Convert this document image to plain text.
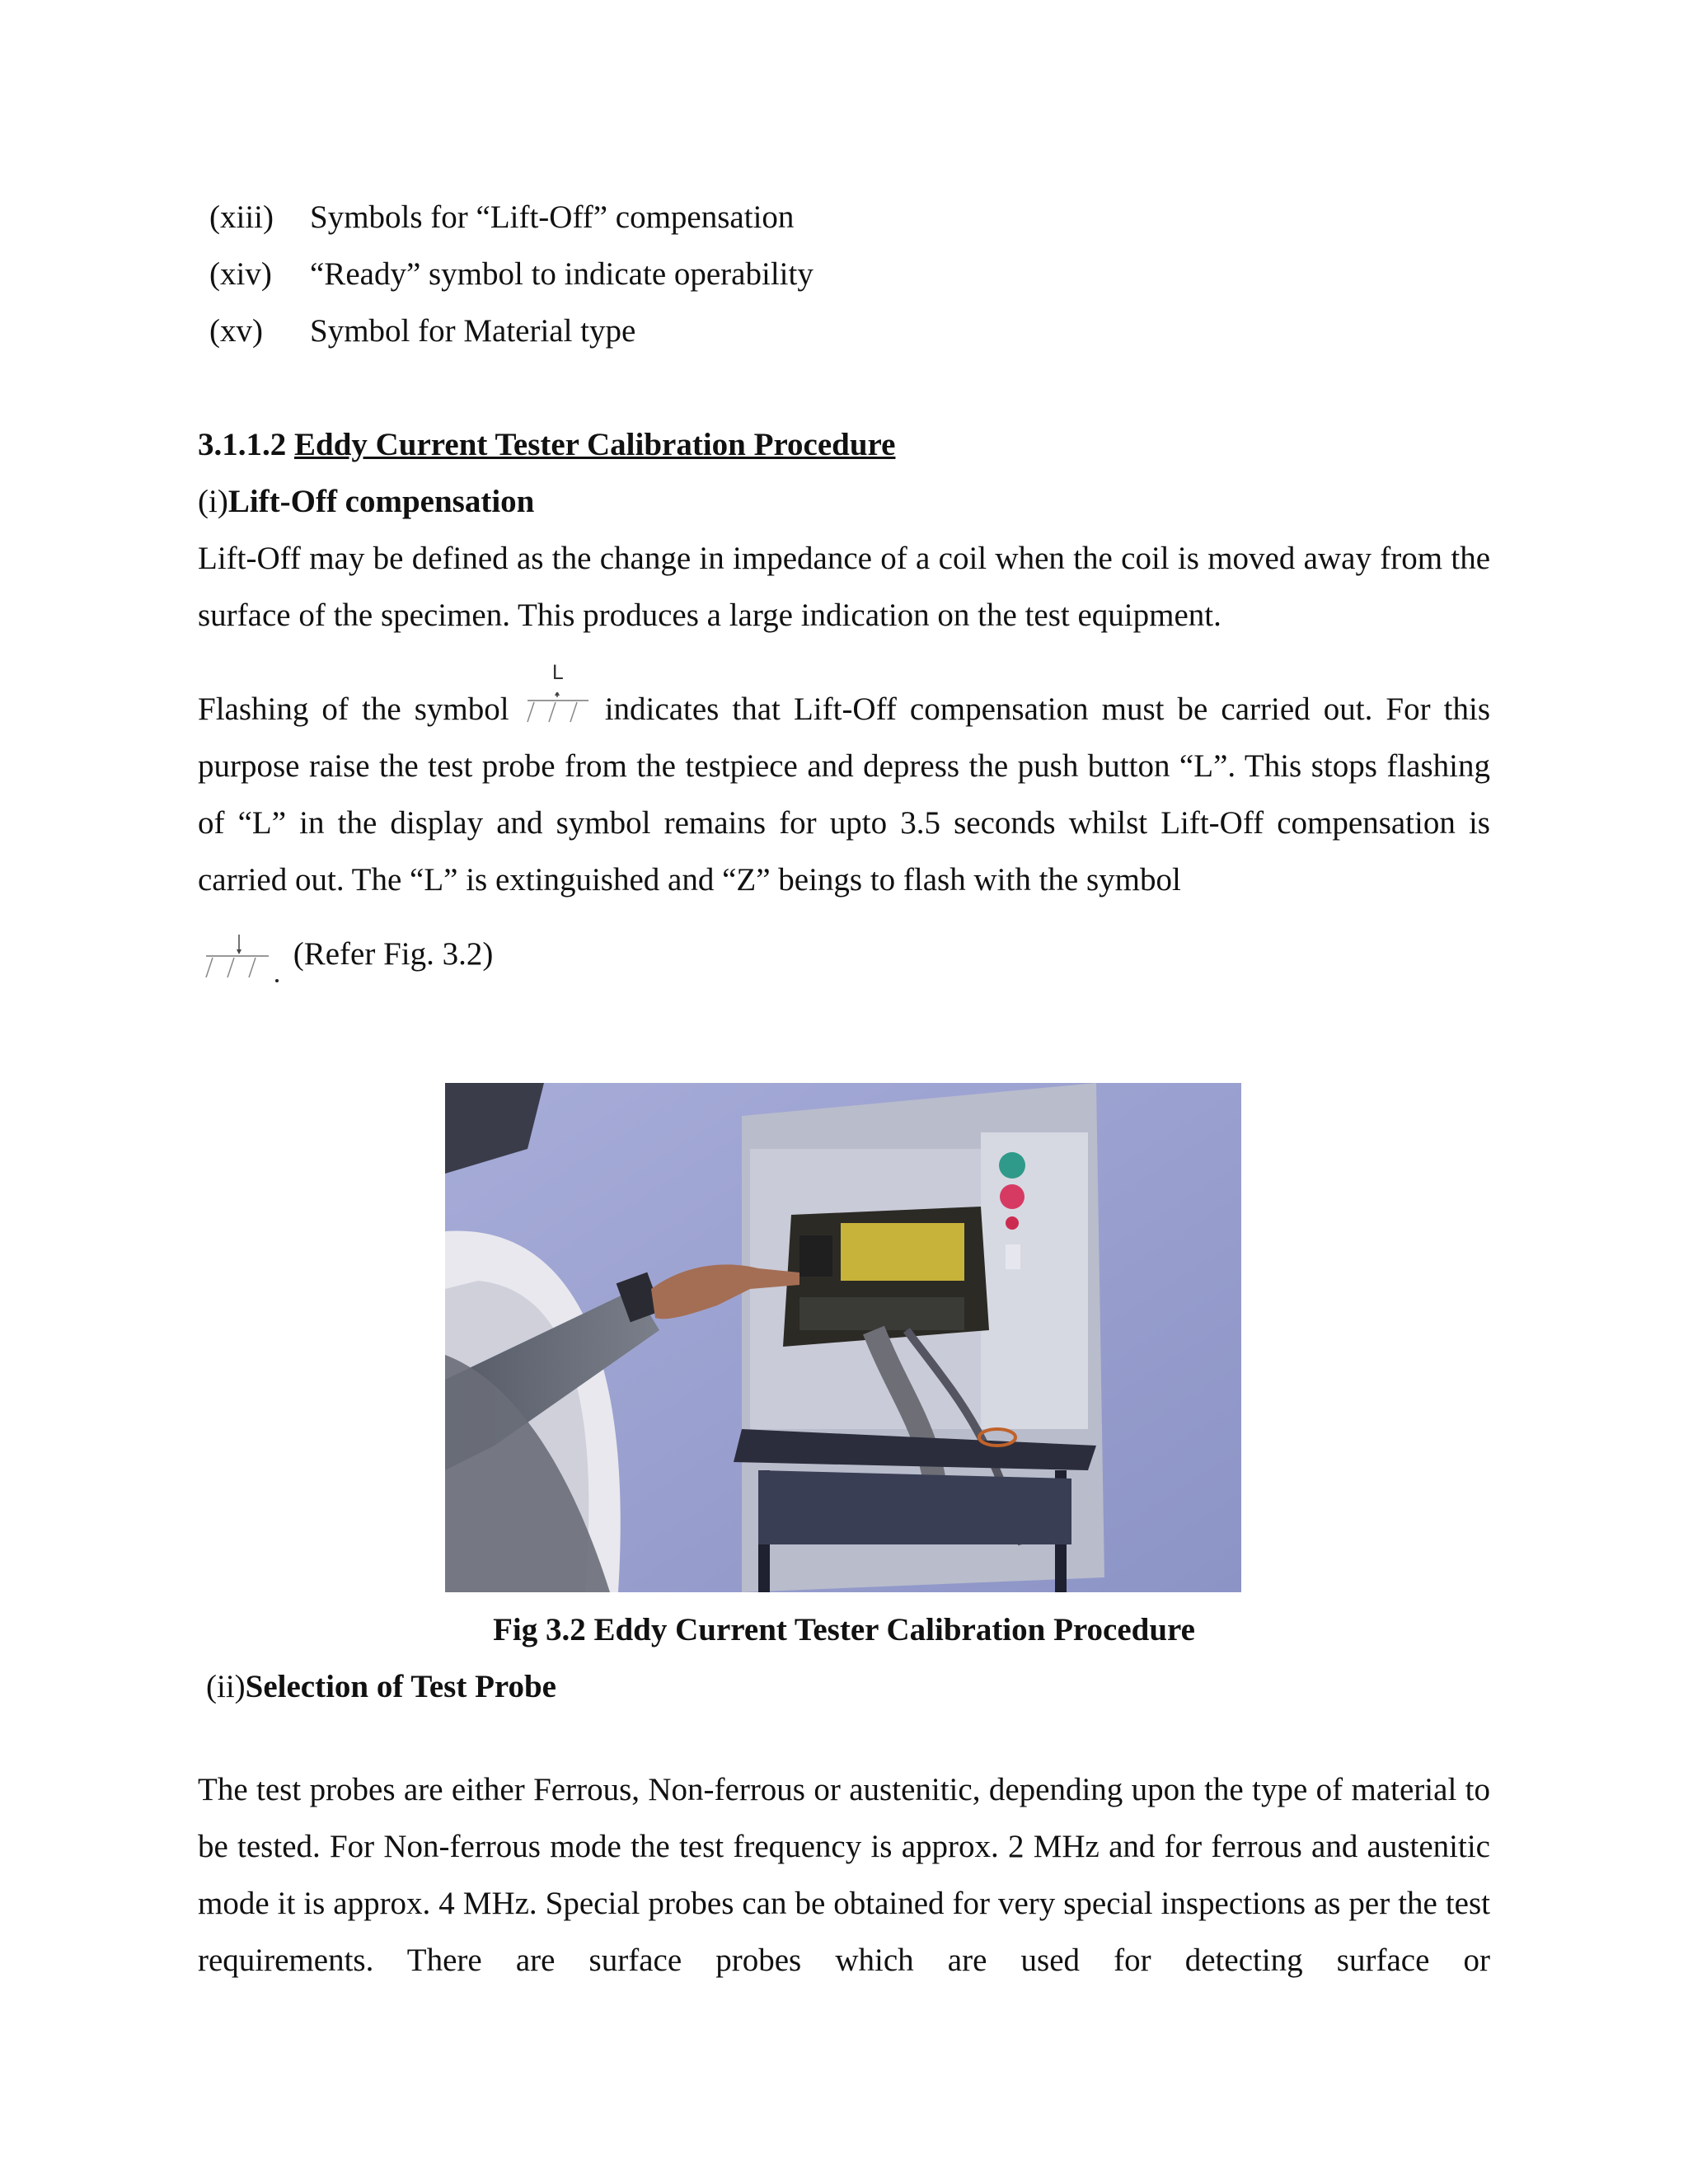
(xiii) Symbols for “Lift-Off” compensation
(xiv) “Ready” symbol to indicate operability
(xv) Symbol for Material type
3.1.1.2 Eddy Current Tester Calibration Procedure
(i)Lift-Off compensation
Lift-Off may be defined as the change in impedance of a coil when the coil is moved away from the surface of the specimen. This produces a large indication on the test equipment.
Flashing of the symbol
L
indicates that Lift-Off compensation must be carried out. For this purpose raise the test probe from the testpiece and depress the push button “L”. This stops flashing of “L” in the display and symbol remains for upto 3.5 seconds whilst Lift-Off compensation is carried out. The “L” is extinguished and “Z” beings to flash with the symbol
(Refer Fig. 3.2)
Fig 3.2 Eddy Current Tester Calibration Procedure
(ii)Selection of Test Probe
The test probes are either Ferrous, Non-ferrous or austenitic, depending upon the type of material to be tested. For Non-ferrous mode the test frequency is approx. 2 MHz and for ferrous and austenitic mode it is approx. 4 MHz. Special probes can be obtained for very special inspections as per the test requirements. There are surface probes which are used for detecting surface or
